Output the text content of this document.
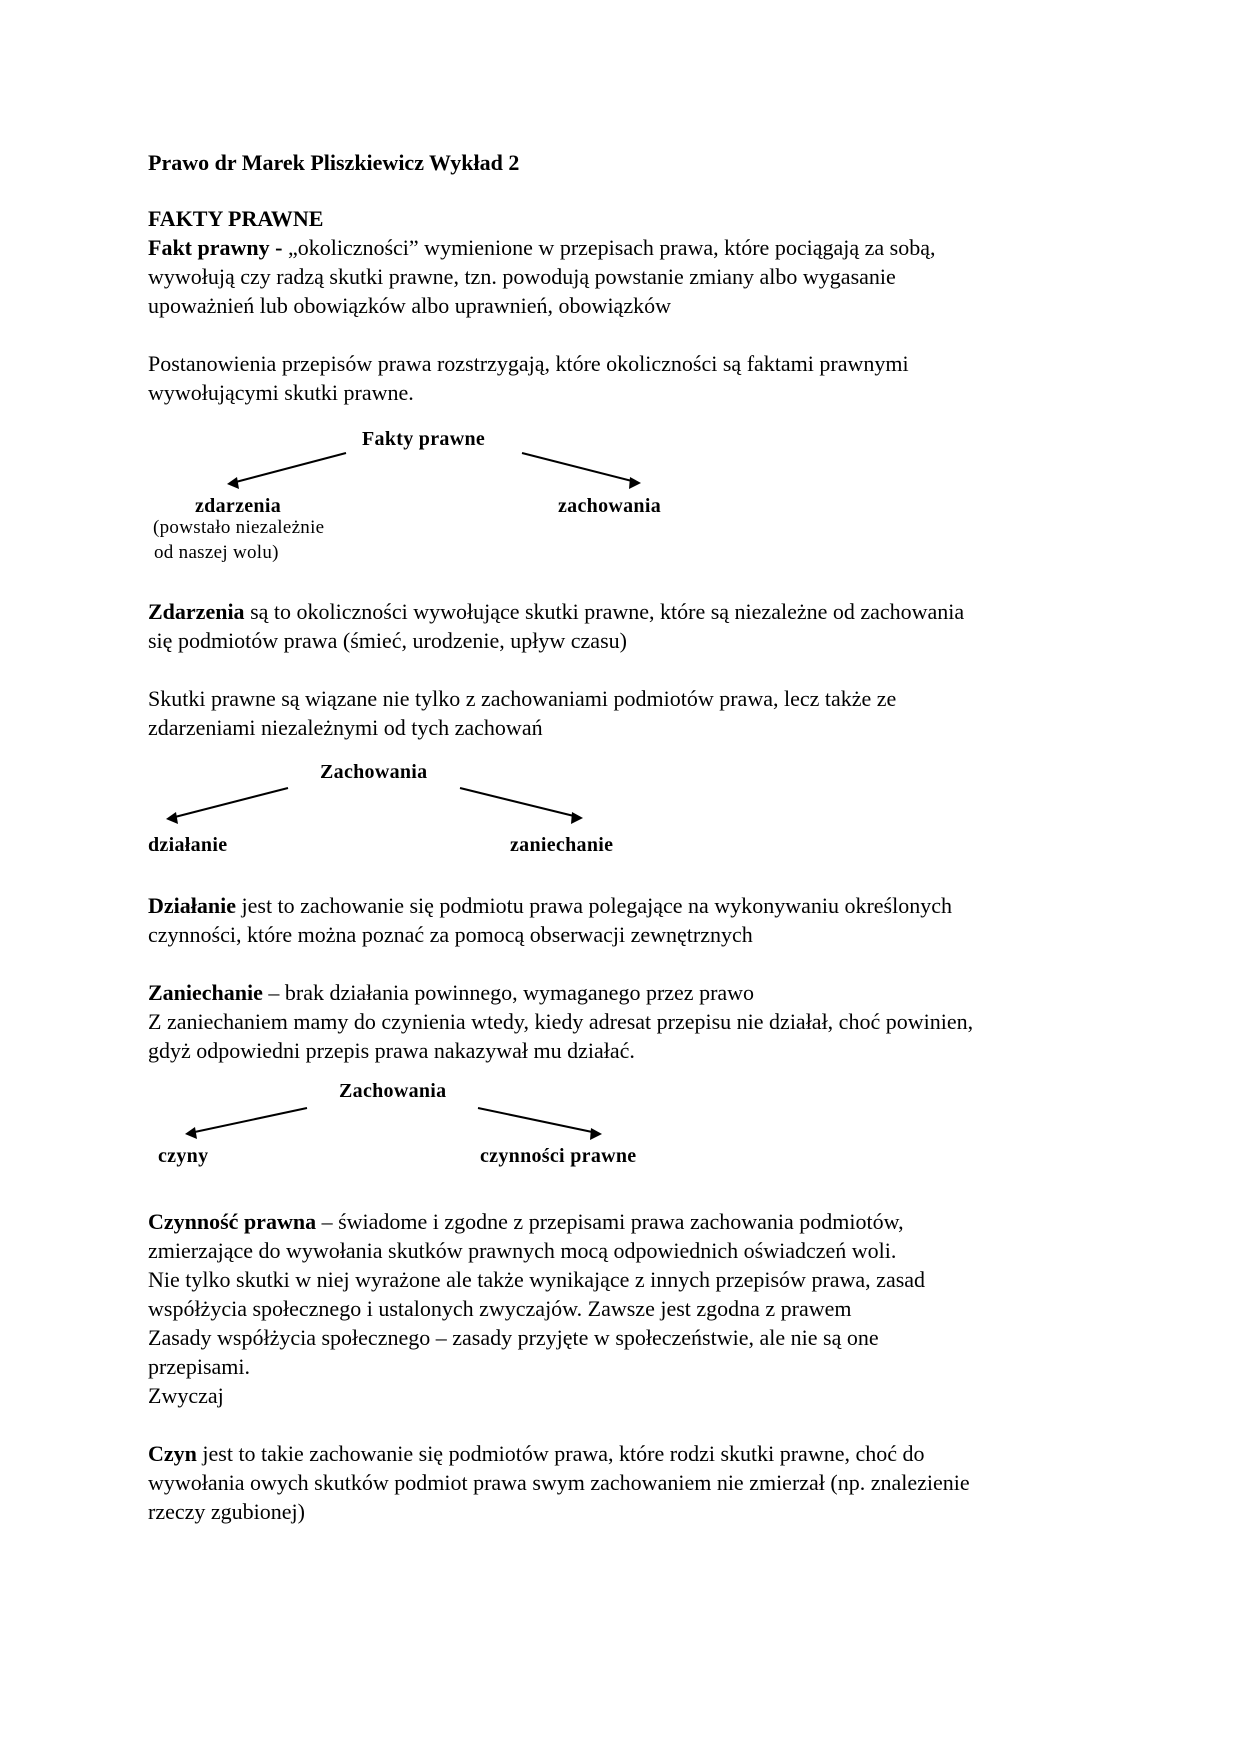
Prawo dr Marek Pliszkiewicz Wykład 2
FAKTY PRAWNE
Fakt prawny - „okoliczności” wymienione w przepisach prawa, które pociągają za sobą,
wywołują czy radzą skutki prawne, tzn. powodują powstanie zmiany albo wygasanie
upoważnień lub obowiązków albo uprawnień, obowiązków
Postanowienia przepisów prawa rozstrzygają, które okoliczności są faktami prawnymi
wywołującymi skutki prawne.
Fakty prawne
zdarzenia
(powstało niezależnie
od naszej wolu)
zachowania
Zdarzenia są to okoliczności wywołujące skutki prawne, które są niezależne od zachowania
się podmiotów prawa (śmieć, urodzenie, upływ czasu)
Skutki prawne są wiązane nie tylko z zachowaniami podmiotów prawa, lecz także ze
zdarzeniami niezależnymi od tych zachowań
Zachowania
działanie	zaniechanie
Działanie jest to zachowanie się podmiotu prawa polegające na wykonywaniu określonych
czynności, które można poznać za pomocą obserwacji zewnętrznych
Zaniechanie – brak działania powinnego, wymaganego przez prawo
Z zaniechaniem mamy do czynienia wtedy, kiedy adresat przepisu nie działał, choć powinien,
gdyż odpowiedni przepis prawa nakazywał mu działać.
Zachowania
czyny	czynności prawne
Czynność prawna – świadome i zgodne z przepisami prawa zachowania podmiotów,
zmierzające do wywołania skutków prawnych mocą odpowiednich oświadczeń woli.
Nie tylko skutki w niej wyrażone ale także wynikające z innych przepisów prawa, zasad
współżycia społecznego i ustalonych zwyczajów. Zawsze jest zgodna z prawem
Zasady współżycia społecznego – zasady przyjęte w społeczeństwie, ale nie są one
przepisami.
Zwyczaj
Czyn jest to takie zachowanie się podmiotów prawa, które rodzi skutki prawne, choć do
wywołania owych skutków podmiot prawa swym zachowaniem nie zmierzał (np. znalezienie
rzeczy zgubionej)
